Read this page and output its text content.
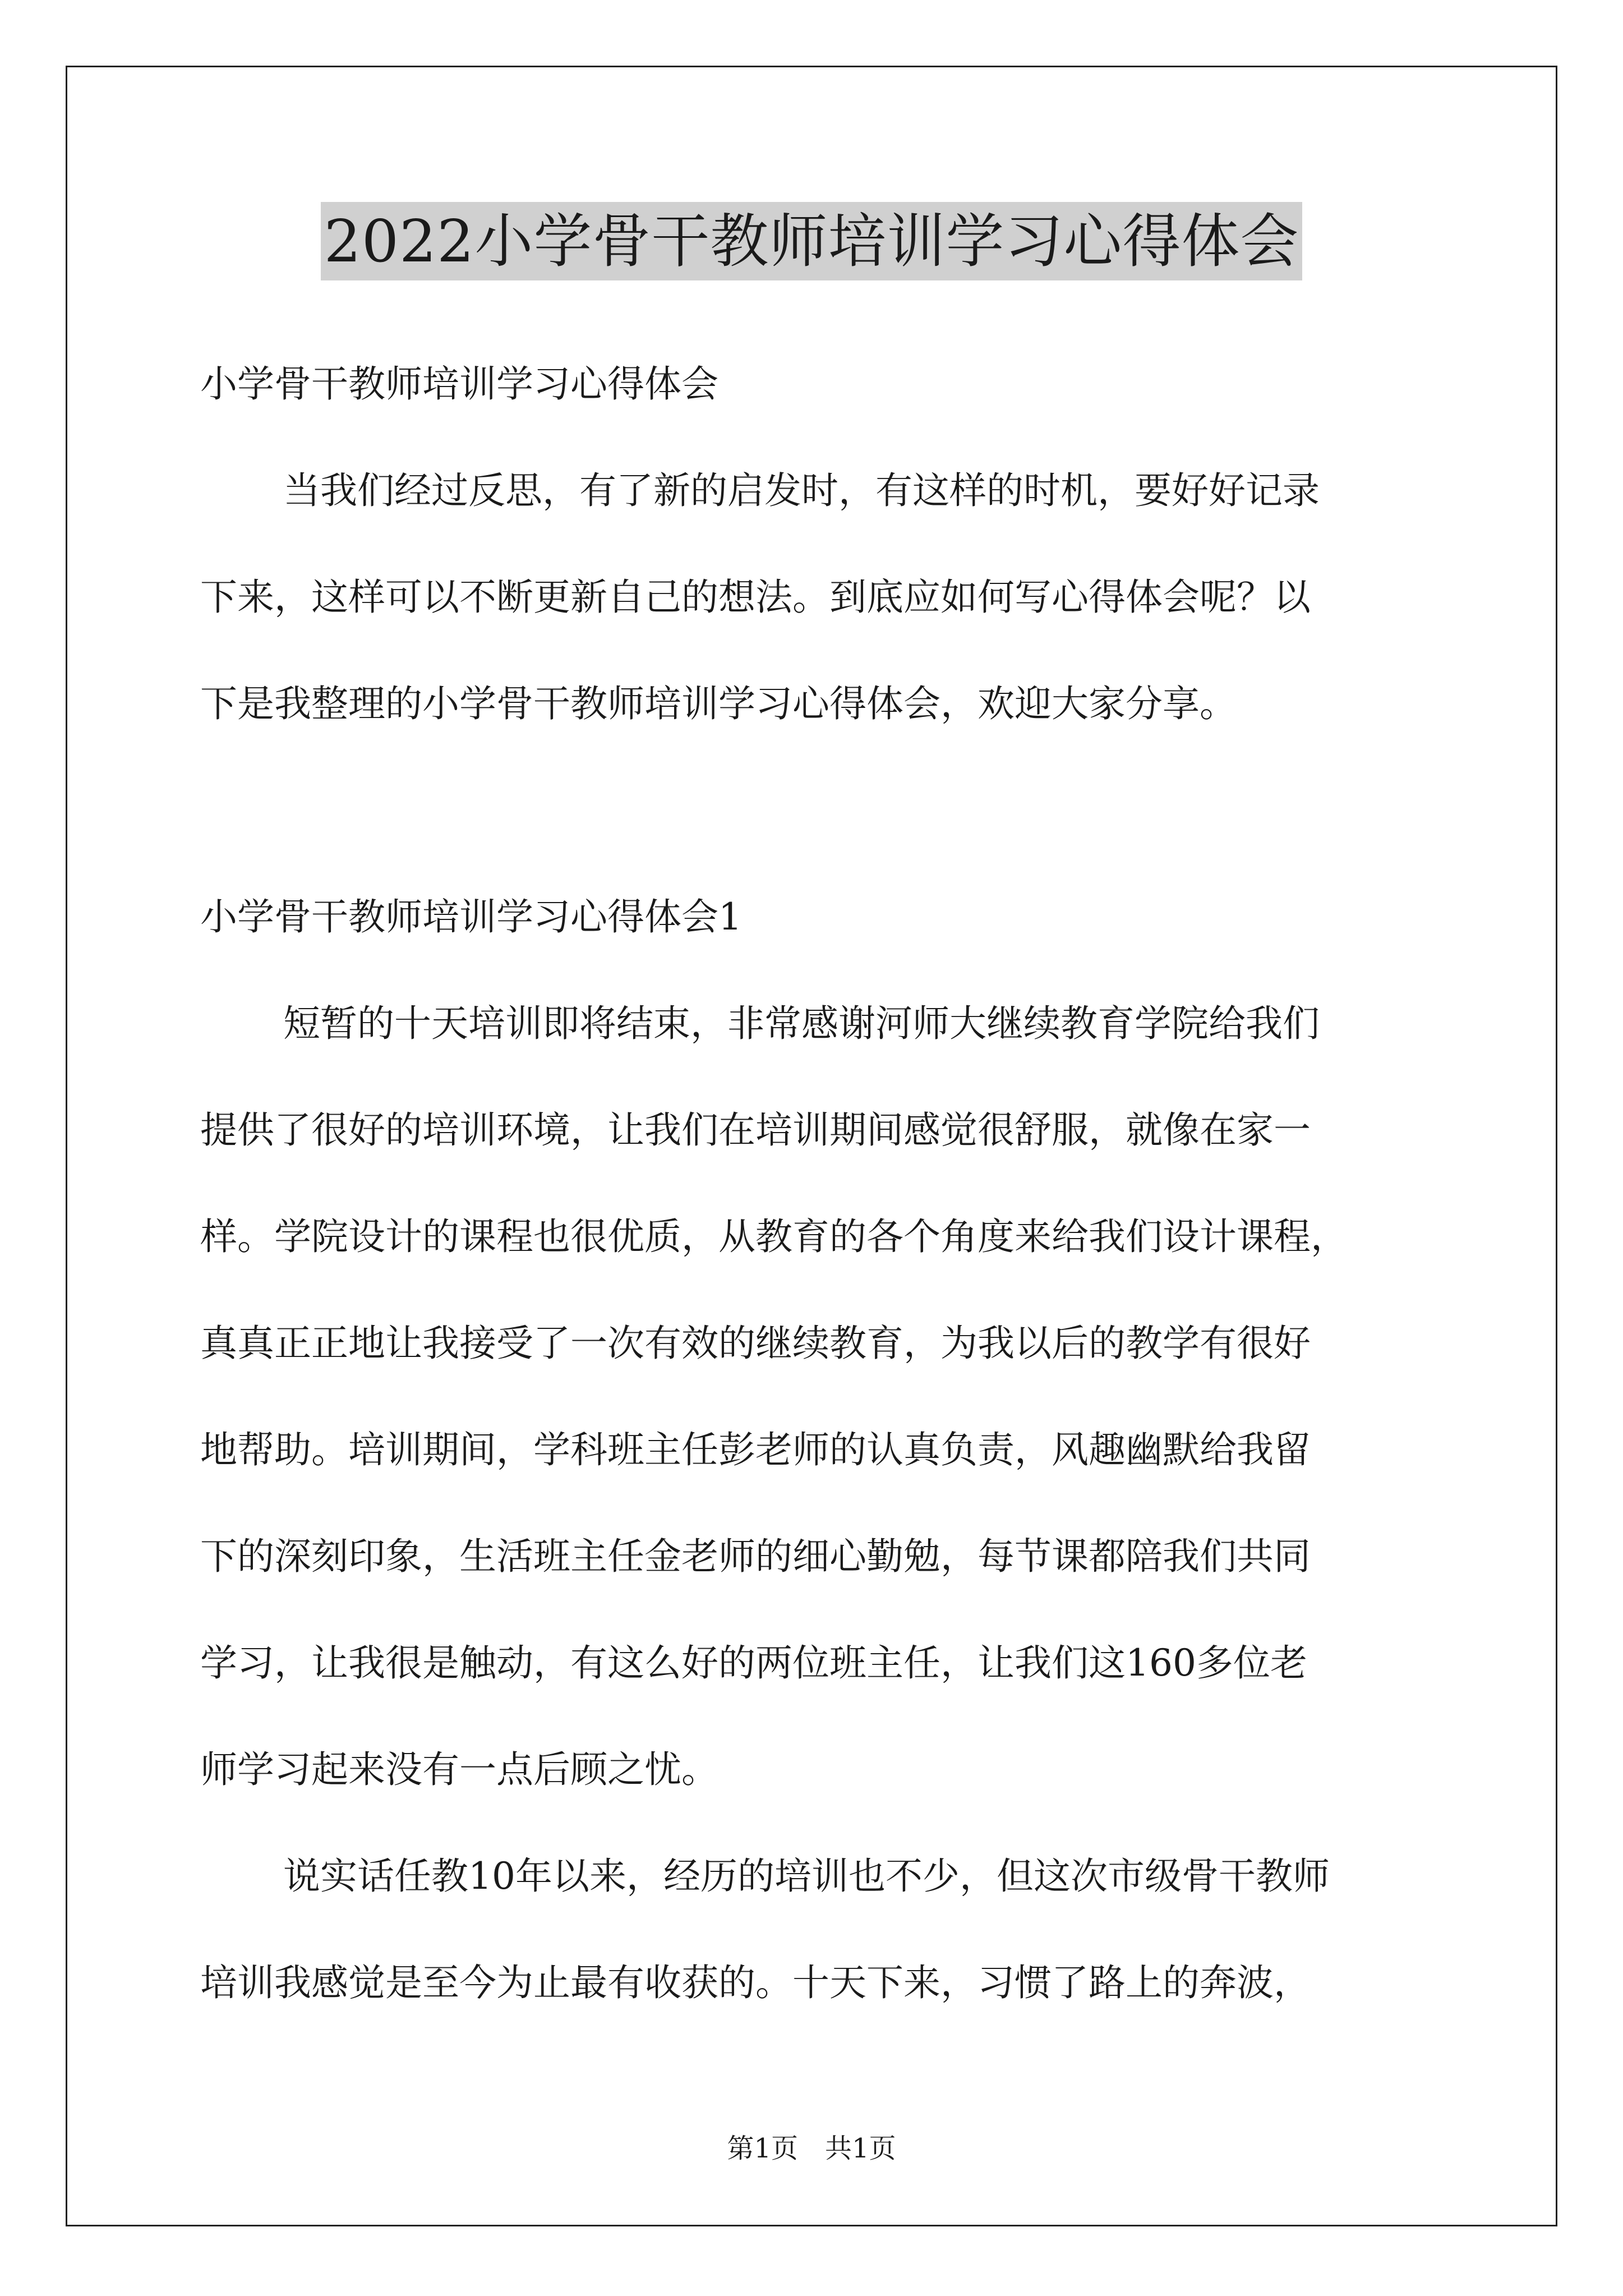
2022小学骨干教师培训学习心得体会
小学骨干教师培训学习心得体会
当我们经过反思，有了新的启发时，有这样的时机，要好好记录
下来，这样可以不断更新自己的想法。到底应如何写心得体会呢？以
下是我整理的小学骨干教师培训学习心得体会，欢迎大家分享。
小学骨干教师培训学习心得体会1
短暂的十天培训即将结束，非常感谢河师大继续教育学院给我们
提供了很好的培训环境，让我们在培训期间感觉很舒服，就像在家一
样。学院设计的课程也很优质，从教育的各个角度来给我们设计课程，
真真正正地让我接受了一次有效的继续教育，为我以后的教学有很好
地帮助。培训期间，学科班主任彭老师的认真负责，风趣幽默给我留
下的深刻印象，生活班主任金老师的细心勤勉，每节课都陪我们共同
学习，让我很是触动，有这么好的两位班主任，让我们这160多位老
师学习起来没有一点后顾之忧。
说实话任教10年以来，经历的培训也不少，但这次市级骨干教师
培训我感觉是至今为止最有收获的。十天下来，习惯了路上的奔波，
第1页　共1页
